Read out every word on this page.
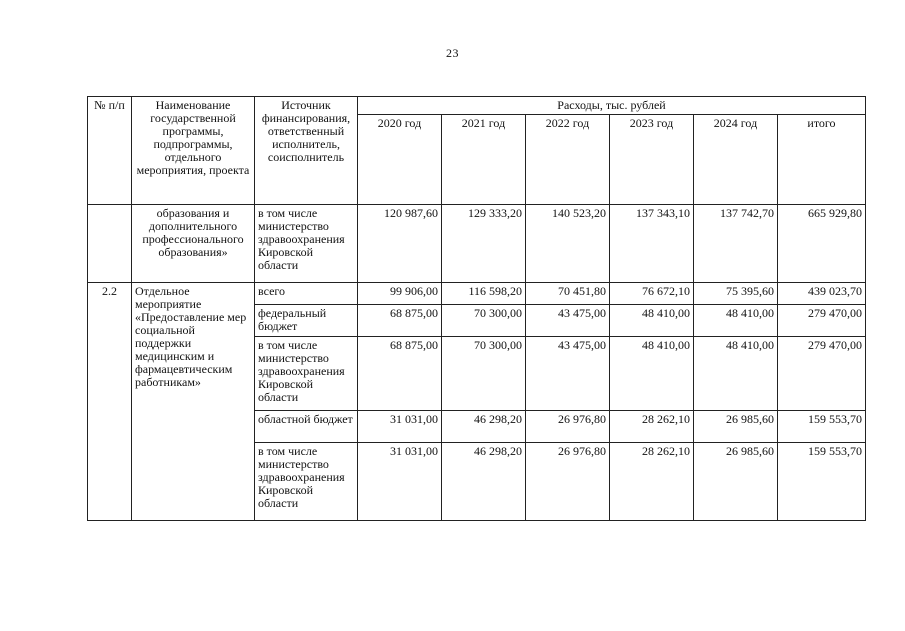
23
№ п/п	Наименование государственной программы, подпрограммы, отдельного мероприятия, проекта	Источник финансирования, ответственный исполнитель, соисполнитель	Расходы, тыс. рублей					
			2020 год	2021 год	2022 год	2023 год	2024 год	итого
	образования и дополнительного профессионального образования»	в том числе министерство здравоохранения Кировской области	120 987,60	129 333,20	140 523,20	137 343,10	137 742,70	665 929,80
2.2	Отдельное мероприятие «Предоставление мер социальной поддержки медицинским и фармацевтическим работникам»	всего	99 906,00	116 598,20	70 451,80	76 672,10	75 395,60	439 023,70
		федеральный бюджет	68 875,00	70 300,00	43 475,00	48 410,00	48 410,00	279 470,00
		в том числе министерство здравоохранения Кировской области	68 875,00	70 300,00	43 475,00	48 410,00	48 410,00	279 470,00
		областной бюджет	31 031,00	46 298,20	26 976,80	28 262,10	26 985,60	159 553,70
		в том числе министерство здравоохранения Кировской области	31 031,00	46 298,20	26 976,80	28 262,10	26 985,60	159 553,70
